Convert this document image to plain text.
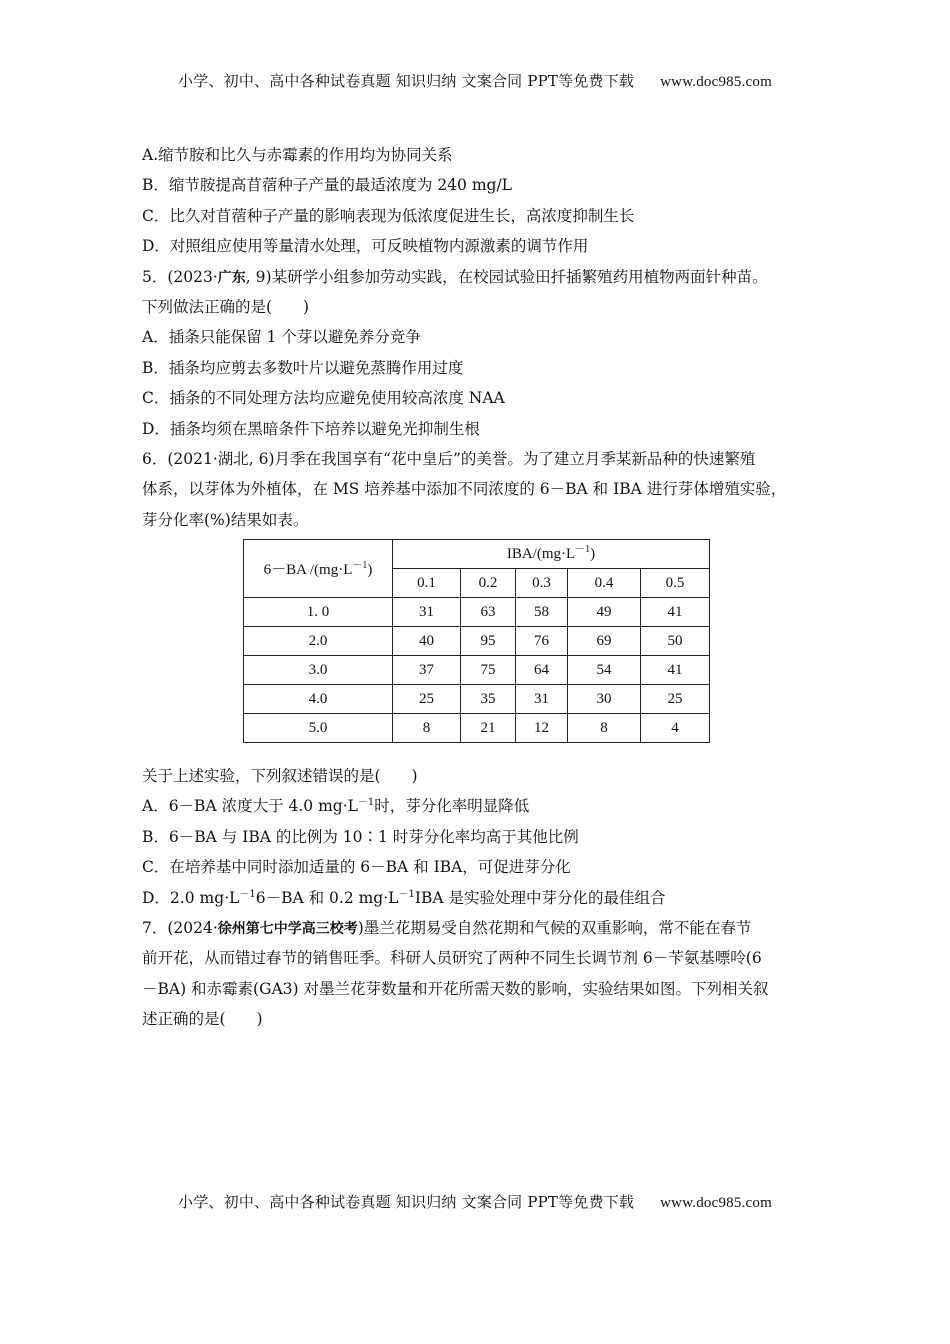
小学、初中、高中各种试卷真题 知识归纳 文案合同 PPT等免费下载 www.doc985.com
A.缩节胺和比久与赤霉素的作用均为协同关系
B．缩节胺提高苜蓿种子产量的最适浓度为 240 mg/L
C．比久对苜蓿种子产量的影响表现为低浓度促进生长，高浓度抑制生长
D．对照组应使用等量清水处理，可反映植物内源激素的调节作用
5．(2023·广东, 9)某研学小组参加劳动实践，在校园试验田扦插繁殖药用植物两面针种苗。
下列做法正确的是(　　)
A．插条只能保留 1 个芽以避免养分竞争
B．插条均应剪去多数叶片以避免蒸腾作用过度
C．插条的不同处理方法均应避免使用较高浓度 NAA
D．插条均须在黑暗条件下培养以避免光抑制生根
6．(2021·湖北, 6)月季在我国享有“花中皇后”的美誉。为了建立月季某新品种的快速繁殖
体系，以芽体为外植体，在 MS 培养基中添加不同浓度的 6－BA 和 IBA 进行芽体增殖实验，
芽分化率(%)结果如表。
6－BA $/(mg\cdot L^{-1})$	IBA/$(mg\cdot L^{-1})$				
	0.1	0.2	0.3	0.4	0.5
1. 0	31	63	58	49	41
2.0	40	95	76	69	50
3.0	37	75	64	54	41
4.0	25	35	31	30	25
5.0	8	21	12	8	4
关于上述实验，下列叙述错误的是(　　)
A．6－BA 浓度大于 4.0 $mg\cdot L^{-1}$时，芽分化率明显降低
B．6－BA 与 IBA 的比例为 10∶1 时芽分化率均高于其他比例
C．在培养基中同时添加适量的 6－BA 和 IBA，可促进芽分化
D．2.0 $mg\cdot L^{-1}6-BA$ 和 0.2 $mg\cdot L^{-1}IBA$ 是实验处理中芽分化的最佳组合
7．(2024·徐州第七中学高三校考)墨兰花期易受自然花期和气候的双重影响，常不能在春节
前开花，从而错过春节的销售旺季。科研人员研究了两种不同生长调节剂 6－苄氨基嘌呤(6
－BA) 和赤霉素(GA3) 对墨兰花芽数量和开花所需天数的影响，实验结果如图。下列相关叙
述正确的是(　　)
小学、初中、高中各种试卷真题 知识归纳 文案合同 PPT等免费下载 www.doc985.com
